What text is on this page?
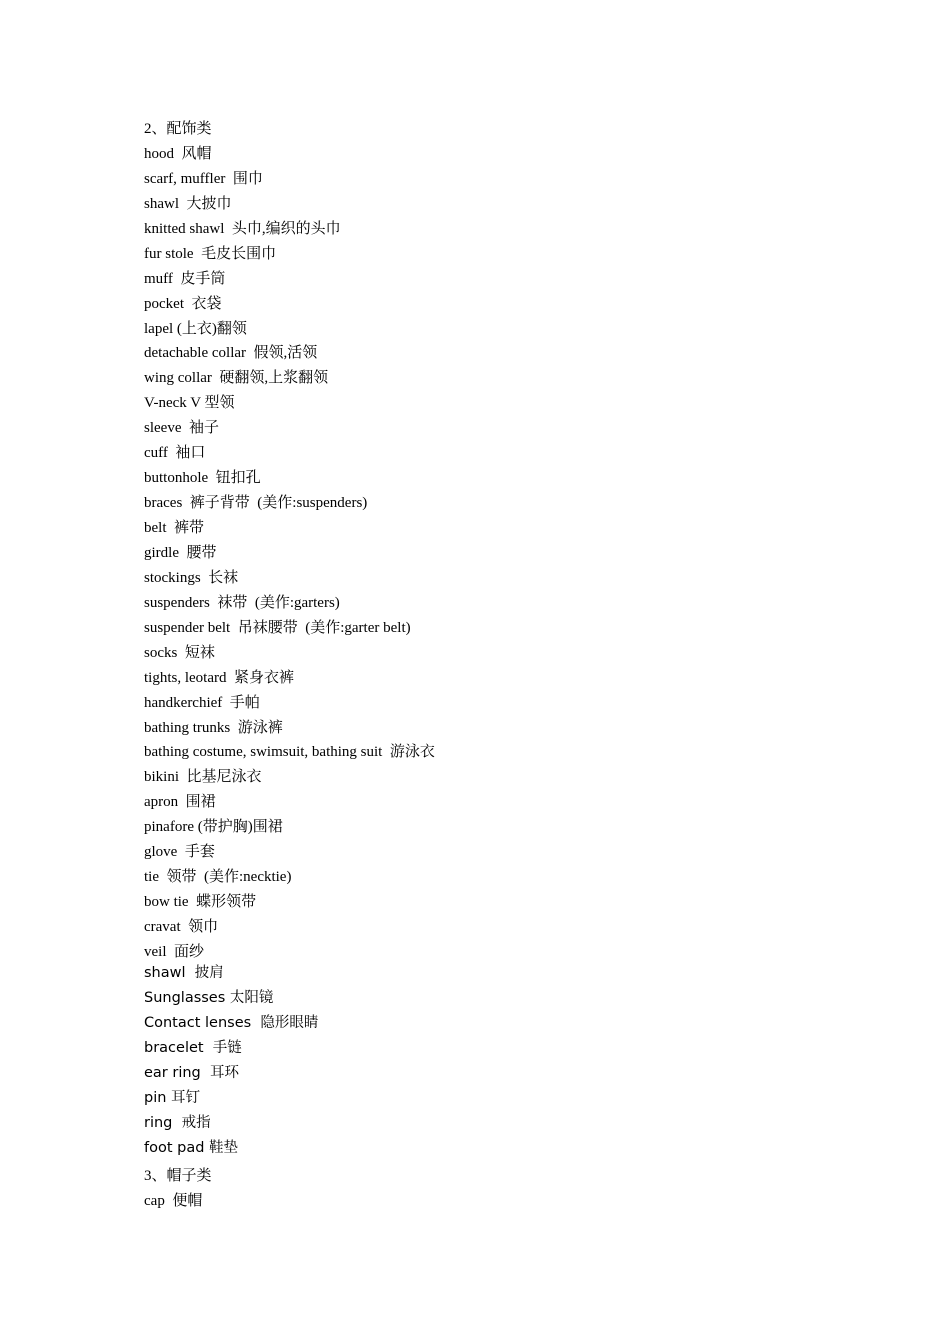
2、配饰类
hood  风帽
scarf, muffler  围巾
shawl  大披巾
knitted shawl  头巾,编织的头巾
fur stole  毛皮长围巾
muff  皮手筒
pocket  衣袋
lapel (上衣)翻领
detachable collar  假领,活领
wing collar  硬翻领,上浆翻领
V-neck V 型领
sleeve  袖子
cuff  袖口
buttonhole  钮扣孔
braces  裤子背带  (美作:suspenders)
belt  裤带
girdle  腰带
stockings  长袜
suspenders  袜带  (美作:garters)
suspender belt  吊袜腰带  (美作:garter belt)
socks  短袜
tights, leotard  紧身衣裤
handkerchief  手帕
bathing trunks  游泳裤
bathing costume, swimsuit, bathing suit  游泳衣
bikini  比基尼泳衣
apron  围裙
pinafore (带护胸)围裙
glove  手套
tie  领带  (美作:necktie)
bow tie  蝶形领带
cravat  领巾
veil  面纱
shawl  披肩
Sunglasses 太阳镜
Contact lenses  隐形眼睛
bracelet  手链
ear ring  耳环
pin 耳钉
ring  戒指
foot pad 鞋垫
3、帽子类
cap  便帽
